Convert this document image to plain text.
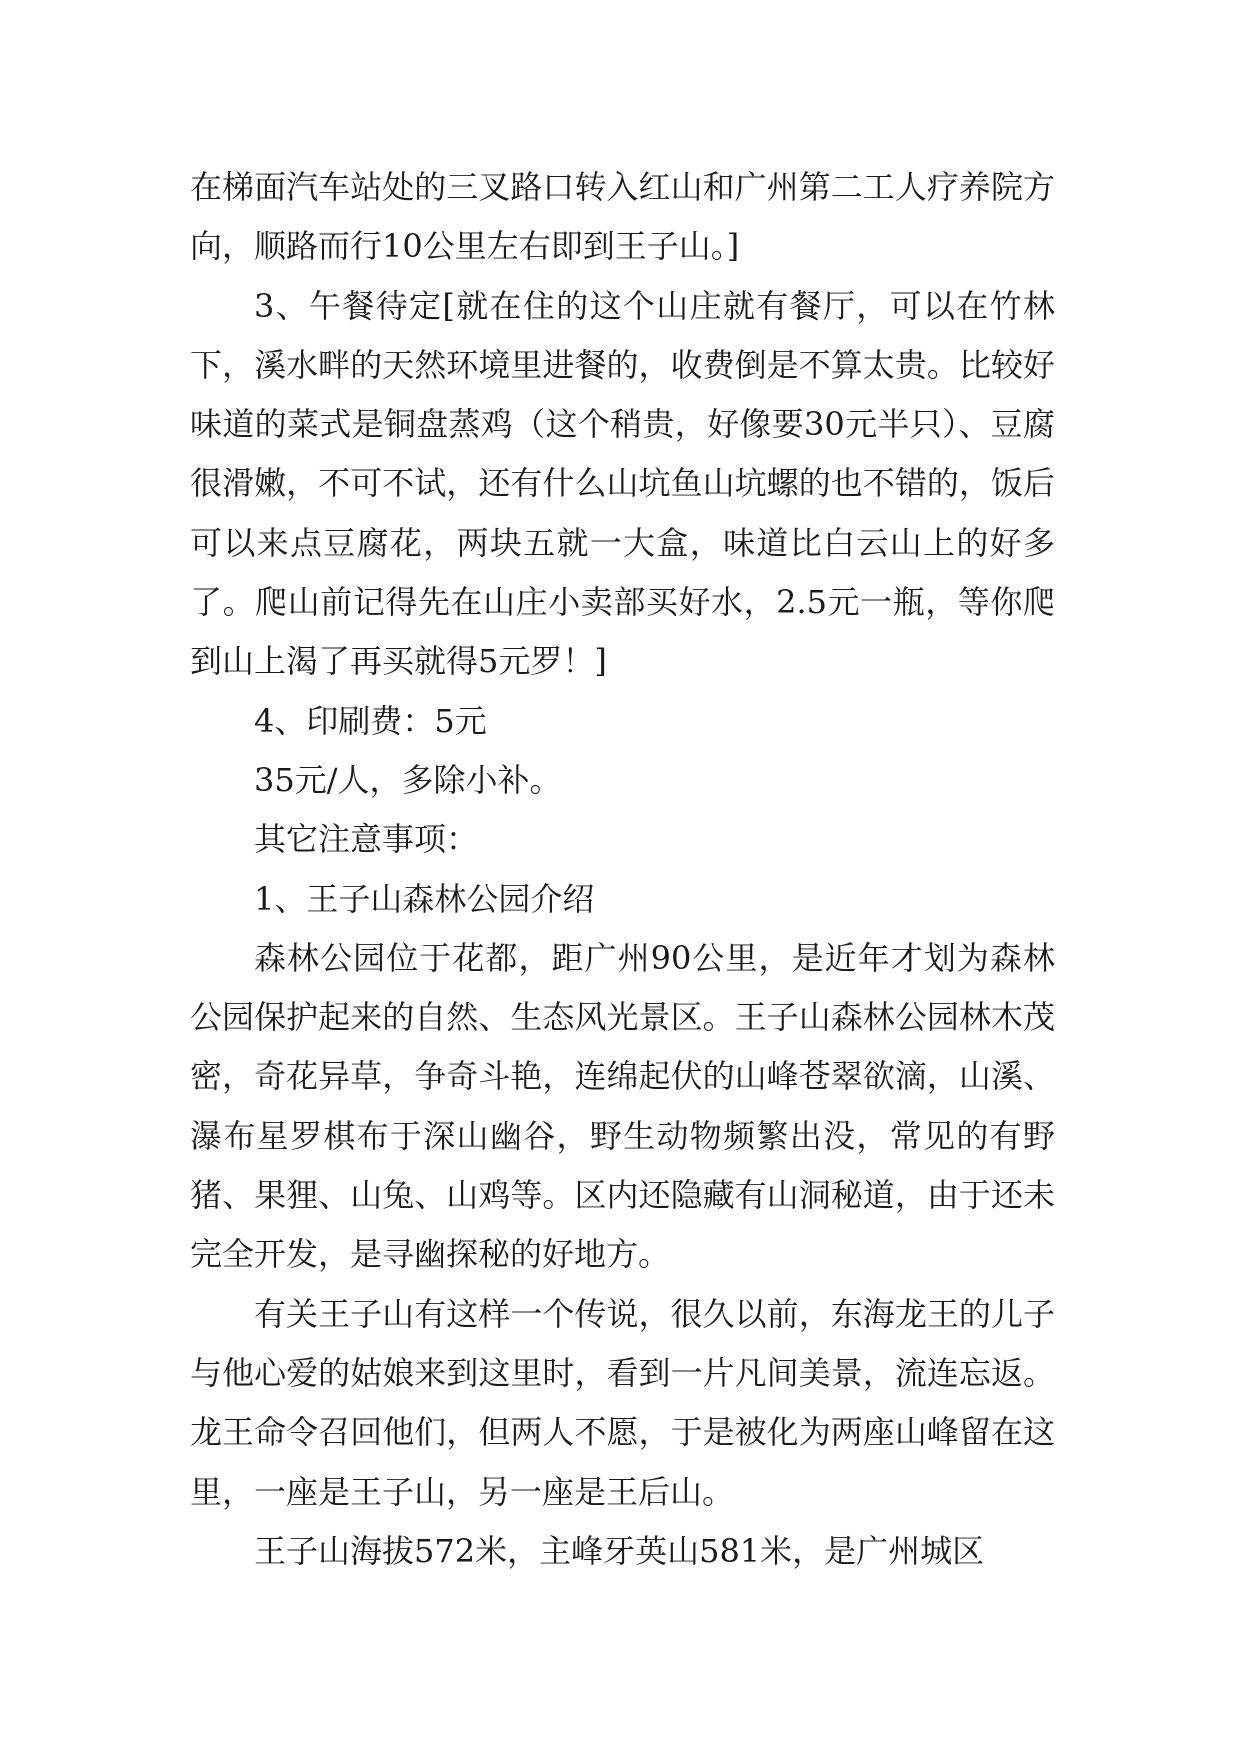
在梯面汽车站处的三叉路口转入红山和广州第二工人疗养院方向，顺路而行10公里左右即到王子山。]

3、午餐待定[就在住的这个山庄就有餐厅，可以在竹林下，溪水畔的天然环境里进餐的，收费倒是不算太贵。比较好味道的菜式是铜盘蒸鸡（这个稍贵，好像要30元半只）、豆腐很滑嫩，不可不试，还有什么山坑鱼山坑螺的也不错的，饭后可以来点豆腐花，两块五就一大盒，味道比白云山上的好多了。爬山前记得先在山庄小卖部买好水，2.5元一瓶，等你爬到山上渴了再买就得5元罗！]

4、印刷费：5元

35元/人，多除小补。

其它注意事项：

1、王子山森林公园介绍

森林公园位于花都，距广州90公里，是近年才划为森林公园保护起来的自然、生态风光景区。王子山森林公园林木茂密，奇花异草，争奇斗艳，连绵起伏的山峰苍翠欲滴，山溪、瀑布星罗棋布于深山幽谷，野生动物频繁出没，常见的有野猪、果狸、山兔、山鸡等。区内还隐藏有山洞秘道，由于还未完全开发，是寻幽探秘的好地方。

有关王子山有这样一个传说，很久以前，东海龙王的儿子与他心爱的姑娘来到这里时，看到一片凡间美景，流连忘返。龙王命令召回他们，但两人不愿，于是被化为两座山峰留在这里，一座是王子山，另一座是王后山。

王子山海拔572米，主峰牙英山581米，是广州城区
